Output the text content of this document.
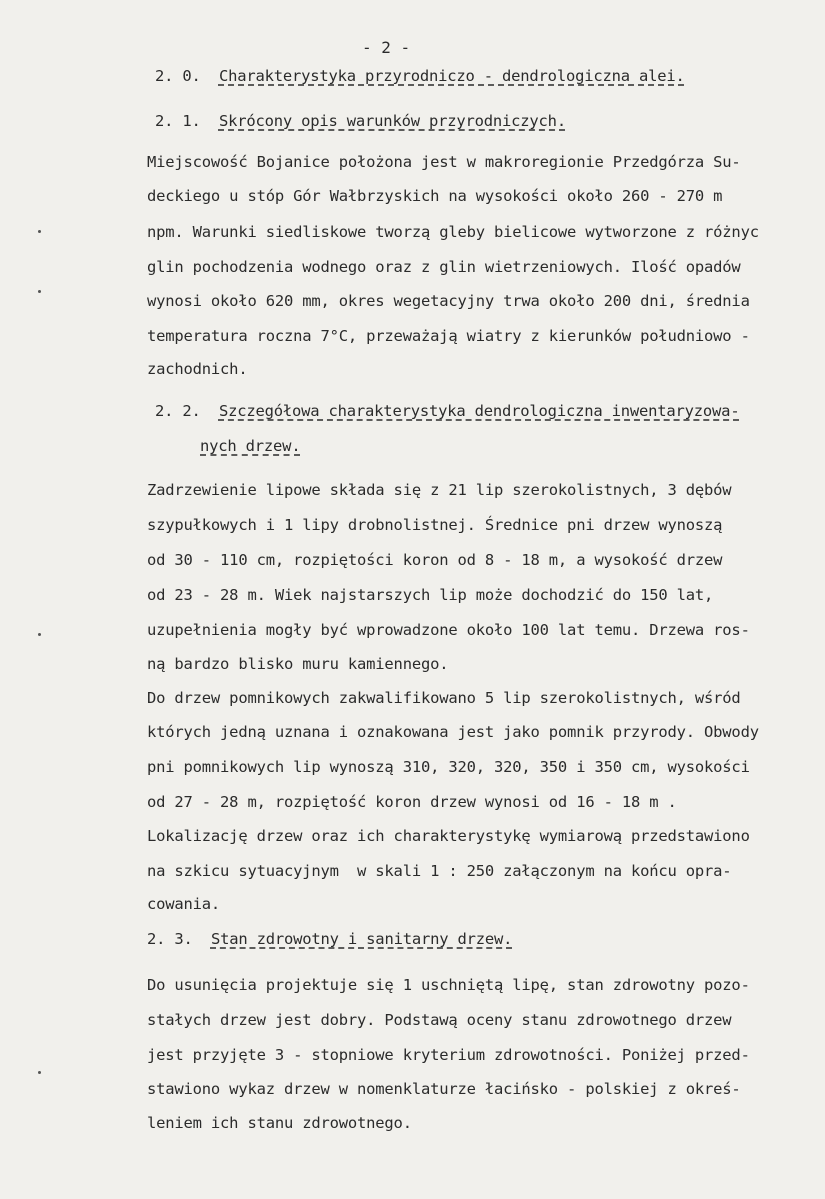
- 2 -
2. 0. Charakterystyka przyrodniczo - dendrologiczna alei.
2. 1. Skrócony opis warunków przyrodniczych.
Miejscowość Bojanice położona jest w makroregionie Przedgórza Su-
deckiego u stóp Gór Wałbrzyskich na wysokości około 260 - 270 m
npm. Warunki siedliskowe tworzą gleby bielicowe wytworzone z różnyc
glin pochodzenia wodnego oraz z glin wietrzeniowych. Ilość opadów
wynosi około 620 mm, okres wegetacyjny trwa około 200 dni, średnia
temperatura roczna 7°C, przeważają wiatry z kierunków południowo -
zachodnich.
2. 2. Szczegółowa charakterystyka dendrologiczna inwentaryzowa-
nych drzew.
Zadrzewienie lipowe składa się z 21 lip szerokolistnych, 3 dębów
szypułkowych i 1 lipy drobnolistnej. Średnice pni drzew wynoszą
od 30 - 110 cm, rozpiętości koron od 8 - 18 m, a wysokość drzew
od 23 - 28 m. Wiek najstarszych lip może dochodzić do 150 lat,
uzupełnienia mogły być wprowadzone około 100 lat temu. Drzewa ros-
ną bardzo blisko muru kamiennego.
Do drzew pomnikowych zakwalifikowano 5 lip szerokolistnych, wśród
których jedną uznana i oznakowana jest jako pomnik przyrody. Obwody
pni pomnikowych lip wynoszą 310, 320, 320, 350 i 350 cm, wysokości
od 27 - 28 m, rozpiętość koron drzew wynosi od 16 - 18 m .
Lokalizację drzew oraz ich charakterystykę wymiarową przedstawiono
na szkicu sytuacyjnym  w skali 1 : 250 załączonym na końcu opra-
cowania.
2. 3. Stan zdrowotny i sanitarny drzew.
Do usunięcia projektuje się 1 uschniętą lipę, stan zdrowotny pozo-
stałych drzew jest dobry. Podstawą oceny stanu zdrowotnego drzew
jest przyjęte 3 - stopniowe kryterium zdrowotności. Poniżej przed-
stawiono wykaz drzew w nomenklaturze łacińsko - polskiej z okreś-
leniem ich stanu zdrowotnego.
